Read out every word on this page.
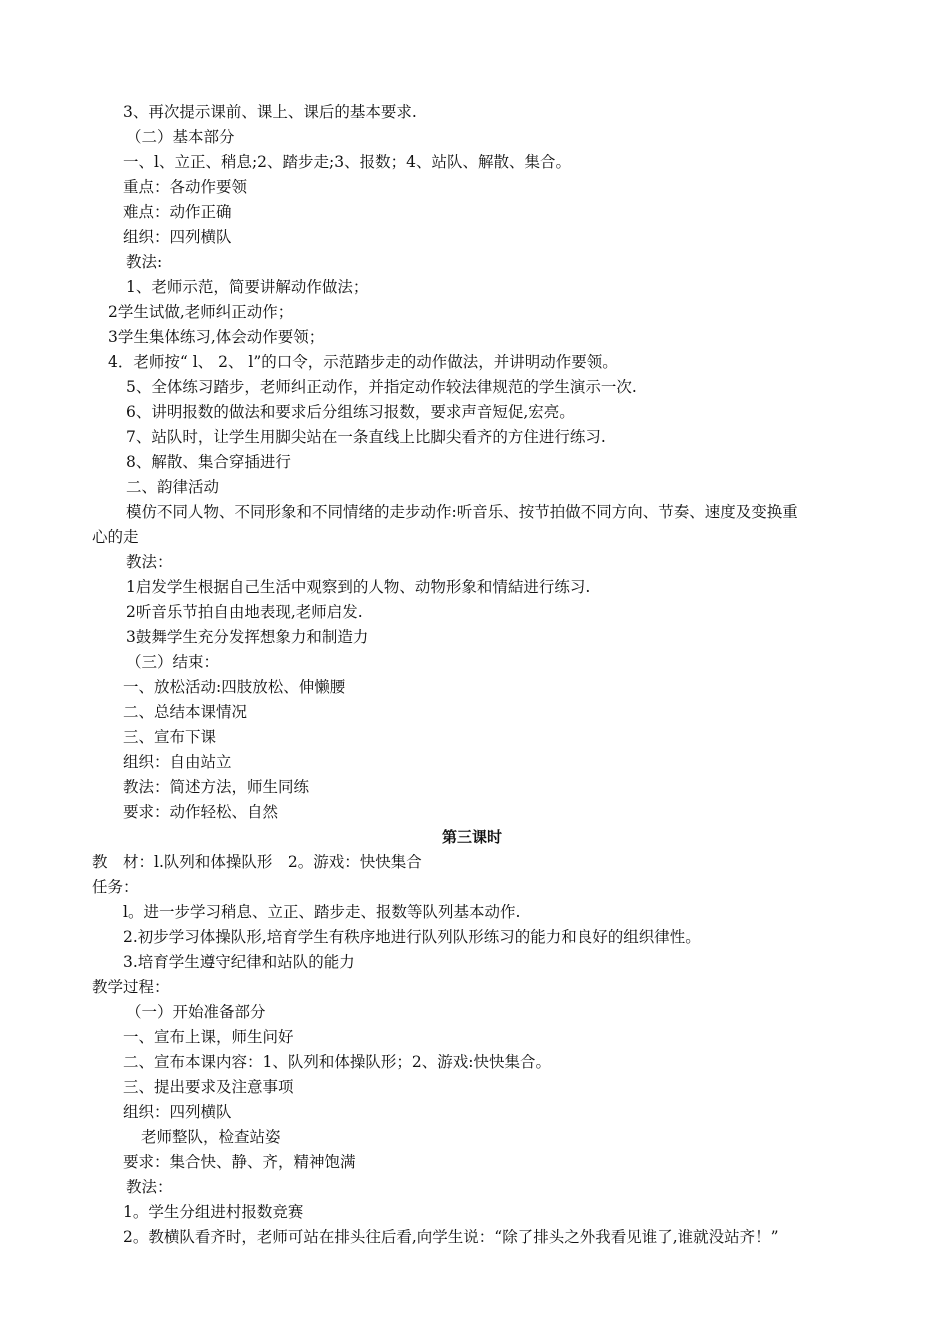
3、再次提示课前、课上、课后的基本要求.
（二）基本部分
一、l、立正、稍息;2、踏步走;3、报数；4、站队、解散、集合。
重点：各动作要领
难点：动作正确
组织：四列横队
教法:
1、老师示范，简要讲解动作做法；
2学生试做,老师纠正动作；
3学生集体练习,体会动作要领；
4．老师按“ l、 2、 l”的口令，示范踏步走的动作做法，并讲明动作要领。
5、全体练习踏步，老师纠正动作，并指定动作较法律规范的学生演示一次.
6、讲明报数的做法和要求后分组练习报数，要求声音短促,宏亮。
7、站队时，让学生用脚尖站在一条直线上比脚尖看齐的方住进行练习.
8、解散、集合穿插进行
二、韵律活动
模仿不同人物、不同形象和不同情绪的走步动作:听音乐、按节拍做不同方向、节奏、速度及变换重
心的走
教法：
1启发学生根据自己生活中观察到的人物、动物形象和情結进行练习.
2听音乐节拍自由地表现,老师启发.
3鼓舞学生充分发挥想象力和制造力
（三）结束：
一、放松活动:四肢放松、伸懒腰
二、总结本课情况
三、宣布下课
组织：自由站立
教法：简述方法，师生同练
要求：动作轻松、自然
第三课时
教　材：l.队列和体操队形　2。游戏：快快集合
任务：
l。进一步学习稍息、立正、踏步走、报数等队列基本动作.
2.初步学习体操队形,培育学生有秩序地进行队列队形练习的能力和良好的组织律性。
3.培育学生遵守纪律和站队的能力
教学过程：
（一）开始准备部分
一、宣布上课，师生问好
二、宣布本课内容：1、队列和体操队形；2、游戏:快快集合。
三、提出要求及注意事项
组织：四列横队
老师整队，检查站姿
要求：集合快、静、齐，精神饱满
教法：
1。学生分组进村报数竞赛
2。教横队看齐时，老师可站在排头往后看,向学生说：“除了排头之外我看见谁了,谁就没站齐！”
